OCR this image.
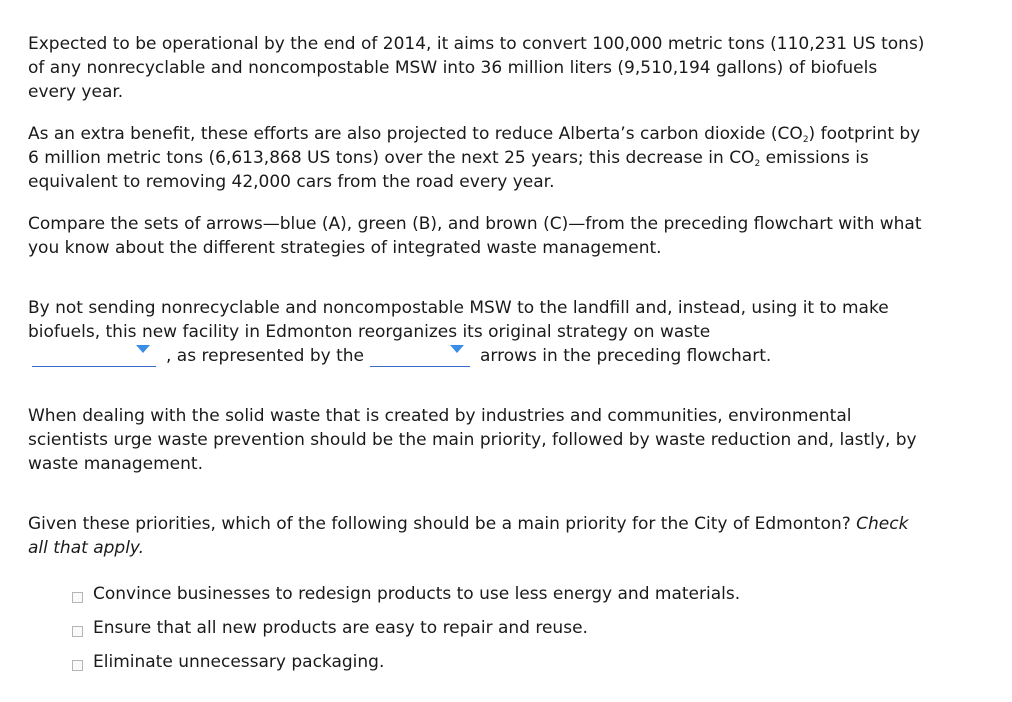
Expected to be operational by the end of 2014, it aims to convert 100,000 metric tons (110,231 US tons) of any nonrecyclable and noncompostable MSW into 36 million liters (9,510,194 gallons) of biofuels every year.

As an extra benefit, these efforts are also projected to reduce Alberta’s carbon dioxide $(CO_2)$ footprint by 6 million metric tons (6,613,868 US tons) over the next 25 years; this decrease in $CO_2$ emissions is equivalent to removing 42,000 cars from the road every year.

Compare the sets of arrows—blue (A), green (B), and brown (C)—from the preceding flowchart with what you know about the different strategies of integrated waste management.

By not sending nonrecyclable and noncompostable MSW to the landfill and, instead, using it to make biofuels, this new facility in Edmonton reorganizes its original strategy on waste

, as represented by the	arrows in the preceding flowchart.

When dealing with the solid waste that is created by industries and communities, environmental scientists urge waste prevention should be the main priority, followed by waste reduction and, lastly, by waste management.

Given these priorities, which of the following should be a main priority for the City of Edmonton? Check all that apply.

Convince businesses to redesign products to use less energy and materials.
Ensure that all new products are easy to repair and reuse.
Eliminate unnecessary packaging.
